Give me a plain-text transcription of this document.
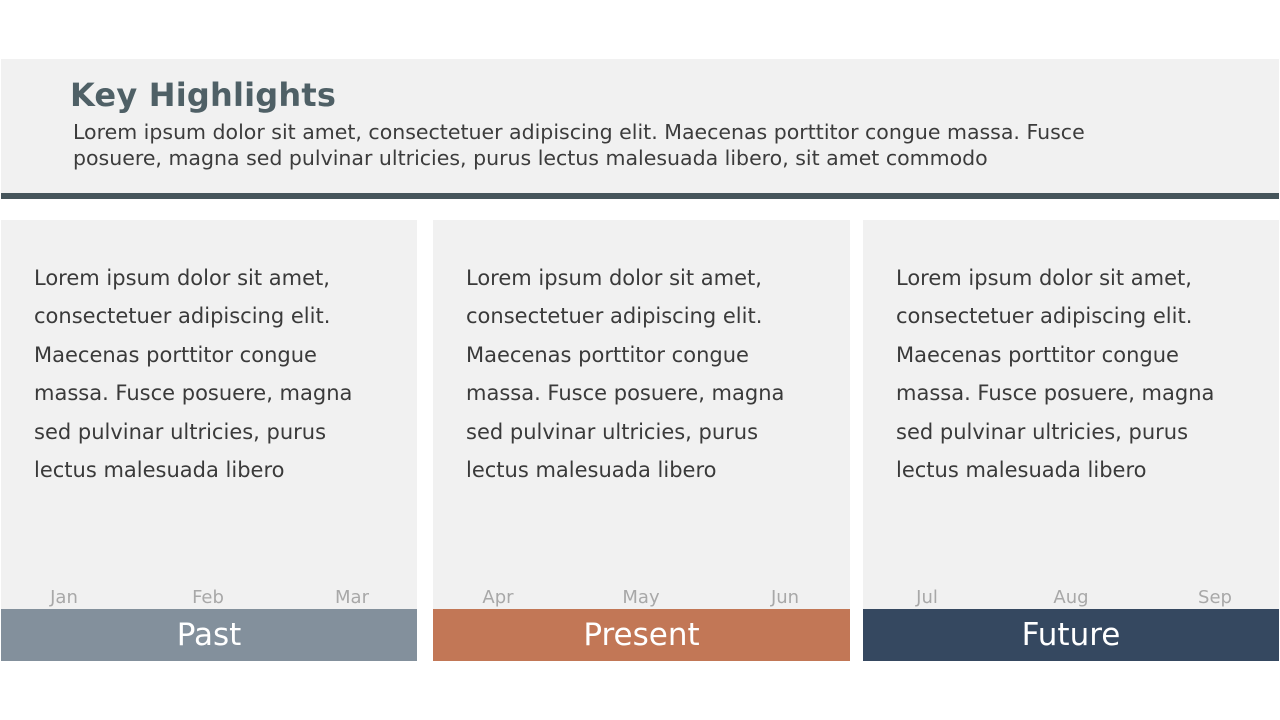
Key Highlights

Lorem ipsum dolor sit amet, consectetuer adipiscing elit. Maecenas porttitor congue massa. Fusce posuere, magna sed pulvinar ultricies, purus lectus malesuada libero, sit amet commodo

Lorem ipsum dolor sit amet, consectetuer adipiscing elit. Maecenas porttitor congue massa. Fusce posuere, magna sed pulvinar ultricies, purus lectus malesuada libero

Jan	Feb	Mar
Past

Lorem ipsum dolor sit amet, consectetuer adipiscing elit. Maecenas porttitor congue massa. Fusce posuere, magna sed pulvinar ultricies, purus lectus malesuada libero

Apr	May	Jun
Present

Lorem ipsum dolor sit amet, consectetuer adipiscing elit. Maecenas porttitor congue massa. Fusce posuere, magna sed pulvinar ultricies, purus lectus malesuada libero

Jul	Aug	Sep
Future
